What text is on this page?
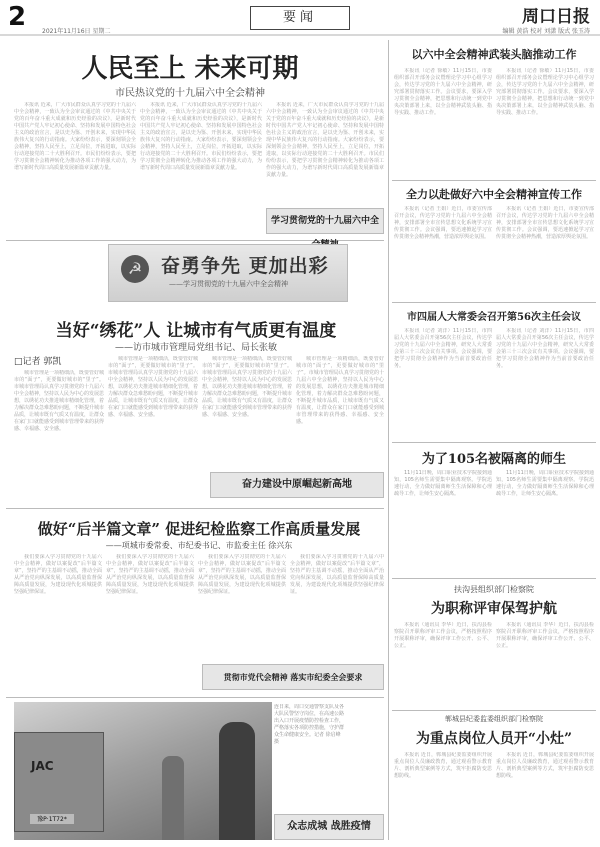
2	2021年11月16日 星期二
要闻	周口日报
编辑 黄浩 校对 刘潇 版式 张玉涛
人民至上 未来可期
市民热议党的十九届六中全会精神

本报讯 近来，广大市民群众认真学习党的十九届六中全会精神，一致认为全会审议通过的《中共中央关于党的百年奋斗重大成就和历史经验的决议》，是新时代中国共产党人牢记初心使命、坚持和发展中国特色社会主义的政治宣言，是以史为鉴、开创未来，实现中华民族伟大复兴的行动指南。大家纷纷表示，要深刻领会全会精神，坚持人民至上，立足岗位，开拓进取，以实际行动迎接党的二十大胜利召开。市民们纷纷表示，要把学习贯彻全会精神转化为推动各项工作的强大动力，为谱写新时代周口高质量发展新篇章贡献力量。

本报讯 近来，广大市民群众认真学习党的十九届六中全会精神，一致认为全会审议通过的《中共中央关于党的百年奋斗重大成就和历史经验的决议》，是新时代中国共产党人牢记初心使命、坚持和发展中国特色社会主义的政治宣言，是以史为鉴、开创未来，实现中华民族伟大复兴的行动指南。大家纷纷表示，要深刻领会全会精神，坚持人民至上，立足岗位，开拓进取，以实际行动迎接党的二十大胜利召开。市民们纷纷表示，要把学习贯彻全会精神转化为推动各项工作的强大动力，为谱写新时代周口高质量发展新篇章贡献力量。

本报讯 近来，广大市民群众认真学习党的十九届六中全会精神，一致认为全会审议通过的《中共中央关于党的百年奋斗重大成就和历史经验的决议》，是新时代中国共产党人牢记初心使命、坚持和发展中国特色社会主义的政治宣言，是以史为鉴、开创未来，实现中华民族伟大复兴的行动指南。大家纷纷表示，要深刻领会全会精神，坚持人民至上，立足岗位，开拓进取，以实际行动迎接党的二十大胜利召开。市民们纷纷表示，要把学习贯彻全会精神转化为推动各项工作的强大动力，为谱写新时代周口高质量发展新篇章贡献力量。

学习贯彻党的十九届六中全
☭ 奋勇争先 更加出彩
——学习贯彻党的十九届六中全会精神
当好“绣花”人 让城市有气质更有温度
——访市城市管理局党组书记、局长张敏
□记者 郭凯

城市管理是一项精细活，既要管好城市的“面子”，更要做好城市的“里子”。市城市管理局认真学习贯彻党的十九届六中全会精神，坚持以人民为中心的发展思想，以绣花功夫推进城市精细化管理，着力解决群众急难愁盼问题，不断提升城市品质，让城市既有气质又有温度，让群众在家门口就能感受到城市管理带来的获得感、幸福感、安全感。

城市管理是一项精细活，既要管好城市的“面子”，更要做好城市的“里子”。市城市管理局认真学习贯彻党的十九届六中全会精神，坚持以人民为中心的发展思想，以绣花功夫推进城市精细化管理，着力解决群众急难愁盼问题，不断提升城市品质，让城市既有气质又有温度，让群众在家门口就能感受到城市管理带来的获得感、幸福感、安全感。

城市管理是一项精细活，既要管好城市的“面子”，更要做好城市的“里子”。市城市管理局认真学习贯彻党的十九届六中全会精神，坚持以人民为中心的发展思想，以绣花功夫推进城市精细化管理，着力解决群众急难愁盼问题，不断提升城市品质，让城市既有气质又有温度，让群众在家门口就能感受到城市管理带来的获得感、幸福感、安全感。

城市管理是一项精细活，既要管好城市的“面子”，更要做好城市的“里子”。市城市管理局认真学习贯彻党的十九届六中全会精神，坚持以人民为中心的发展思想，以绣花功夫推进城市精细化管理，着力解决群众急难愁盼问题，不断提升城市品质，让城市既有气质又有温度，让群众在家门口就能感受到城市管理带来的获得感、幸福感、安全感。

奋力建设中原崛起新高地
做好“后半篇文章” 促进纪检监察工作高质量发展
——项城市委常委、市纪委书记、市监委主任 徐兴东

我们要深入学习贯彻党的十九届六中全会精神，做好以案促改“后半篇文章”，坚持严的主基调不动摇，推动全面从严治党向纵深发展，以高质量监督保障高质量发展，为建设现代化项城提供坚强纪律保证。

我们要深入学习贯彻党的十九届六中全会精神，做好以案促改“后半篇文章”，坚持严的主基调不动摇，推动全面从严治党向纵深发展，以高质量监督保障高质量发展，为建设现代化项城提供坚强纪律保证。

我们要深入学习贯彻党的十九届六中全会精神，做好以案促改“后半篇文章”，坚持严的主基调不动摇，推动全面从严治党向纵深发展，以高质量监督保障高质量发展，为建设现代化项城提供坚强纪律保证。

我们要深入学习贯彻党的十九届六中全会精神，做好以案促改“后半篇文章”，坚持严的主基调不动摇，推动全面从严治党向纵深发展，以高质量监督保障高质量发展，为建设现代化项城提供坚强纪律保证。

贯彻市党代会精神 落实市纪委全会要求
JAC
豫P·1T72*

连日来，周口交通警察支队及各大队民警坚守岗位，在高速公路出入口开展疫情防控检查工作，严格落实各项防控措施，守护群众生命健康安全。记者 徐启峰 摄

众志成城 战胜疫情
以六中全会精神武装头脑推动工作

本报讯（记者 徐敏）11月15日，市委组织部召开部务会议暨理论学习中心组学习会，传达学习党的十九届六中全会精神，研究部署贯彻落实工作。会议要求，要深入学习贯彻全会精神，把思想和行动统一到党中央决策部署上来，以全会精神武装头脑、指导实践、推动工作。

本报讯（记者 徐敏）11月15日，市委组织部召开部务会议暨理论学习中心组学习会，传达学习党的十九届六中全会精神，研究部署贯彻落实工作。会议要求，要深入学习贯彻全会精神，把思想和行动统一到党中央决策部署上来，以全会精神武装头脑、指导实践、推动工作。

全力以赴做好六中全会精神宣传工作

本报讯（记者 王娟）近日，市委宣传部召开会议，传达学习党的十九届六中全会精神，安排部署全市宣传思想文化系统学习宣传贯彻工作。会议强调，要迅速掀起学习宣传贯彻全会精神热潮，营造浓厚舆论氛围。

本报讯（记者 王娟）近日，市委宣传部召开会议，传达学习党的十九届六中全会精神，安排部署全市宣传思想文化系统学习宣传贯彻工作。会议强调，要迅速掀起学习宣传贯彻全会精神热潮，营造浓厚舆论氛围。

市四届人大常委会召开第56次主任会议

本报讯（记者 刘洋）11月15日，市四届人大常委会召开第56次主任会议，传达学习党的十九届六中全会精神，研究人大常委会第三十三次会议有关事项。会议强调，要把学习贯彻全会精神作为当前首要政治任务。

本报讯（记者 刘洋）11月15日，市四届人大常委会召开第56次主任会议，传达学习党的十九届六中全会精神，研究人大常委会第三十三次会议有关事项。会议强调，要把学习贯彻全会精神作为当前首要政治任务。

为了105名被隔离的师生

11月11日晚，周口职业技术学院接到通知，105名师生需要集中隔离观察。学院迅速行动，全力做好隔离师生生活保障和心理疏导工作，让师生安心隔离。

11月11日晚，周口职业技术学院接到通知，105名师生需要集中隔离观察。学院迅速行动，全力做好隔离师生生活保障和心理疏导工作，让师生安心隔离。

扶沟县组织部门检察院
为职称评审保驾护航

本报讯（通讯员 李华）近日，扶沟县检察院召开职称评审工作会议，严格按照程序开展职称评审，确保评审工作公开、公平、公正。

本报讯（通讯员 李华）近日，扶沟县检察院召开职称评审工作会议，严格按照程序开展职称评审，确保评审工作公开、公平、公正。

郸城县纪委监委组织部门检察院
为重点岗位人员开“小灶”

本报讯 近日，郸城县纪委监委组织开展重点岗位人员廉政教育，通过观看警示教育片、剖析典型案例等方式，筑牢拒腐防变思想防线。

本报讯 近日，郸城县纪委监委组织开展重点岗位人员廉政教育，通过观看警示教育片、剖析典型案例等方式，筑牢拒腐防变思想防线。
